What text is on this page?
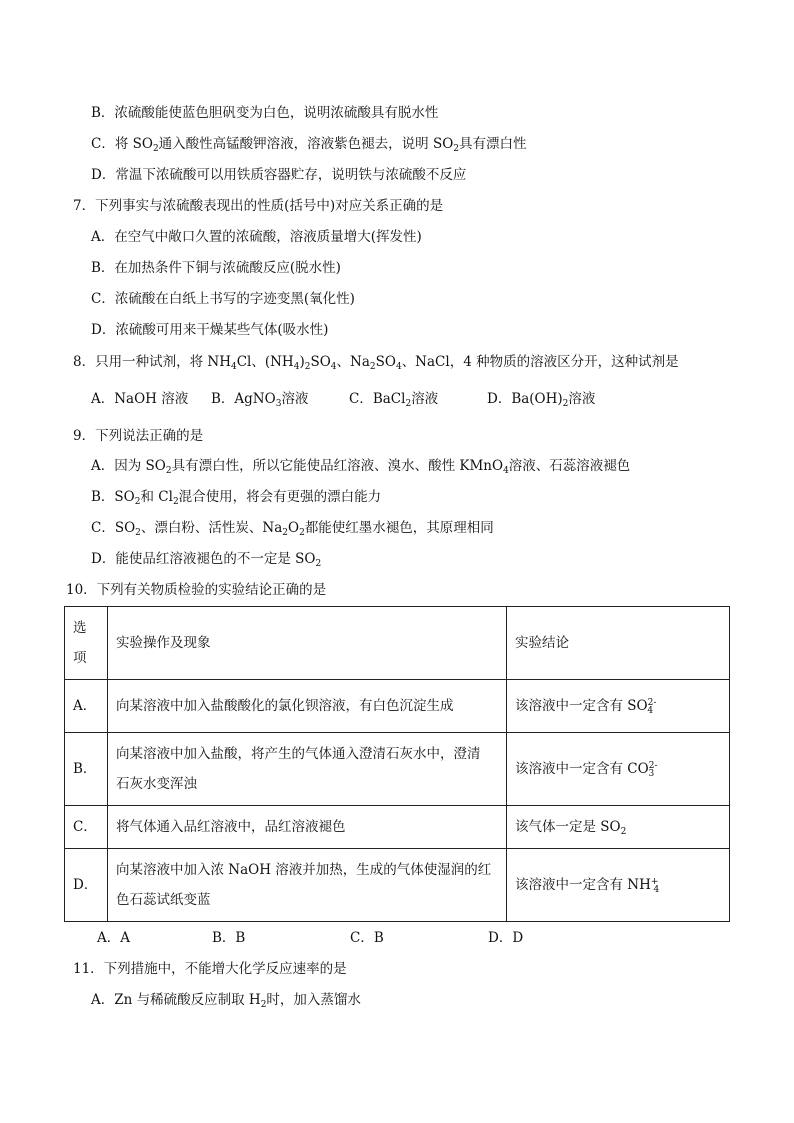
B．浓硫酸能使蓝色胆矾变为白色，说明浓硫酸具有脱水性
C．将 $SO_2$通入酸性高锰酸钾溶液，溶液紫色褪去，说明 $SO_2$具有漂白性
D．常温下浓硫酸可以用铁质容器贮存，说明铁与浓硫酸不反应
7．下列事实与浓硫酸表现出的性质(括号中)对应关系正确的是
A．在空气中敞口久置的浓硫酸，溶液质量增大(挥发性)
B．在加热条件下铜与浓硫酸反应(脱水性)
C．浓硫酸在白纸上书写的字迹变黑(氧化性)
D．浓硫酸可用来干燥某些气体(吸水性)
8．只用一种试剂，将 $NH_4Cl$、$(NH_4)_2SO_4$、$Na_2SO_4$、NaCl，4 种物质的溶液区分开，这种试剂是
A．NaOH 溶液 B．AgNO$_3$溶液	C．BaCl$_2$溶液	D．$Ba(OH)_2$溶液
9．下列说法正确的是
A．因为 $SO_2$具有漂白性，所以它能使品红溶液、溴水、酸性 KMnO$_4$溶液、石蕊溶液褪色
B．$SO_2$和 $Cl_2$混合使用，将会有更强的漂白能力
C．$SO_2$、漂白粉、活性炭、$Na_2O_2$都能使红墨水褪色，其原理相同
D．能使品红溶液褪色的不一定是 $SO_2$
10．下列有关物质检验的实验结论正确的是
选
项	实验操作及现象	实验结论
A．	向某溶液中加入盐酸酸化的氯化钡溶液，有白色沉淀生成	该溶液中一定含有 $SO^{2-}_4$
B．	向某溶液中加入盐酸，将产生的气体通入澄清石灰水中，澄清
石灰水变浑浊	该溶液中一定含有 $CO^{2-}_3$
C．	将气体通入品红溶液中，品红溶液褪色	该气体一定是 $SO_2$
D．	向某溶液中加入浓 NaOH 溶液并加热，生成的气体使湿润的红
色石蕊试纸变蓝	该溶液中一定含有 $NH^+_4$
A．A	B．B	C．B	D．D
11．下列措施中，不能增大化学反应速率的是
A．Zn 与稀硫酸反应制取 $H_2$时，加入蒸馏水
